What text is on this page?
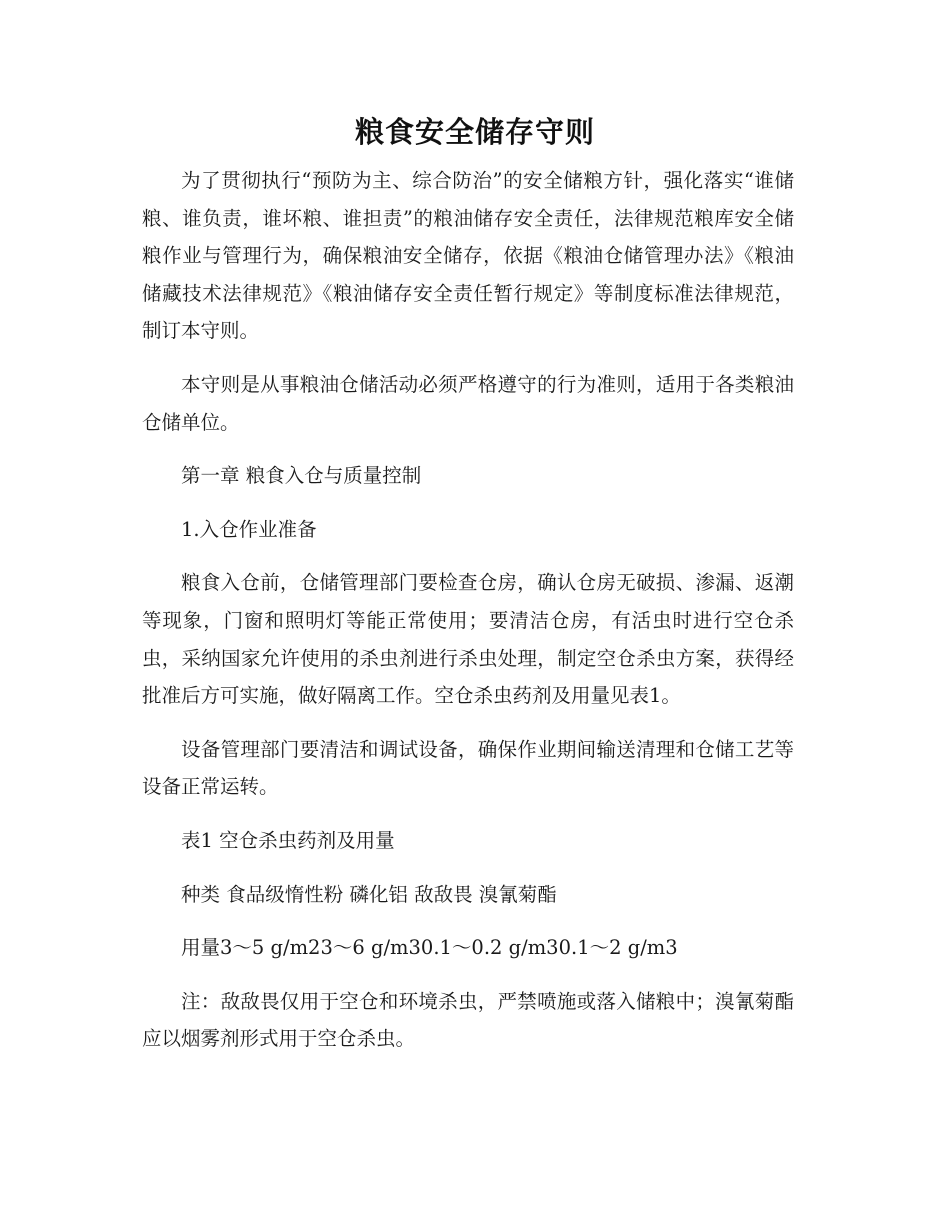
粮食安全储存守则

为了贯彻执行“预防为主、综合防治”的安全储粮方针，强化落实“谁储粮、谁负责，谁坏粮、谁担责”的粮油储存安全责任，法律规范粮库安全储粮作业与管理行为，确保粮油安全储存，依据《粮油仓储管理办法》《粮油储藏技术法律规范》《粮油储存安全责任暂行规定》等制度标准法律规范，制订本守则。

本守则是从事粮油仓储活动必须严格遵守的行为准则，适用于各类粮油仓储单位。

第一章 粮食入仓与质量控制

1.入仓作业准备

粮食入仓前，仓储管理部门要检查仓房，确认仓房无破损、渗漏、返潮等现象，门窗和照明灯等能正常使用；要清洁仓房，有活虫时进行空仓杀虫，采纳国家允许使用的杀虫剂进行杀虫处理，制定空仓杀虫方案，获得经批准后方可实施，做好隔离工作。空仓杀虫药剂及用量见表1。

设备管理部门要清洁和调试设备，确保作业期间输送清理和仓储工艺等设备正常运转。

表1 空仓杀虫药剂及用量

种类 食品级惰性粉 磷化铝 敌敌畏 溴氰菊酯

用量3～5 g/m23～6 g/m30.1～0.2 g/m30.1～2 g/m3

注：敌敌畏仅用于空仓和环境杀虫，严禁喷施或落入储粮中；溴氰菊酯应以烟雾剂形式用于空仓杀虫。
